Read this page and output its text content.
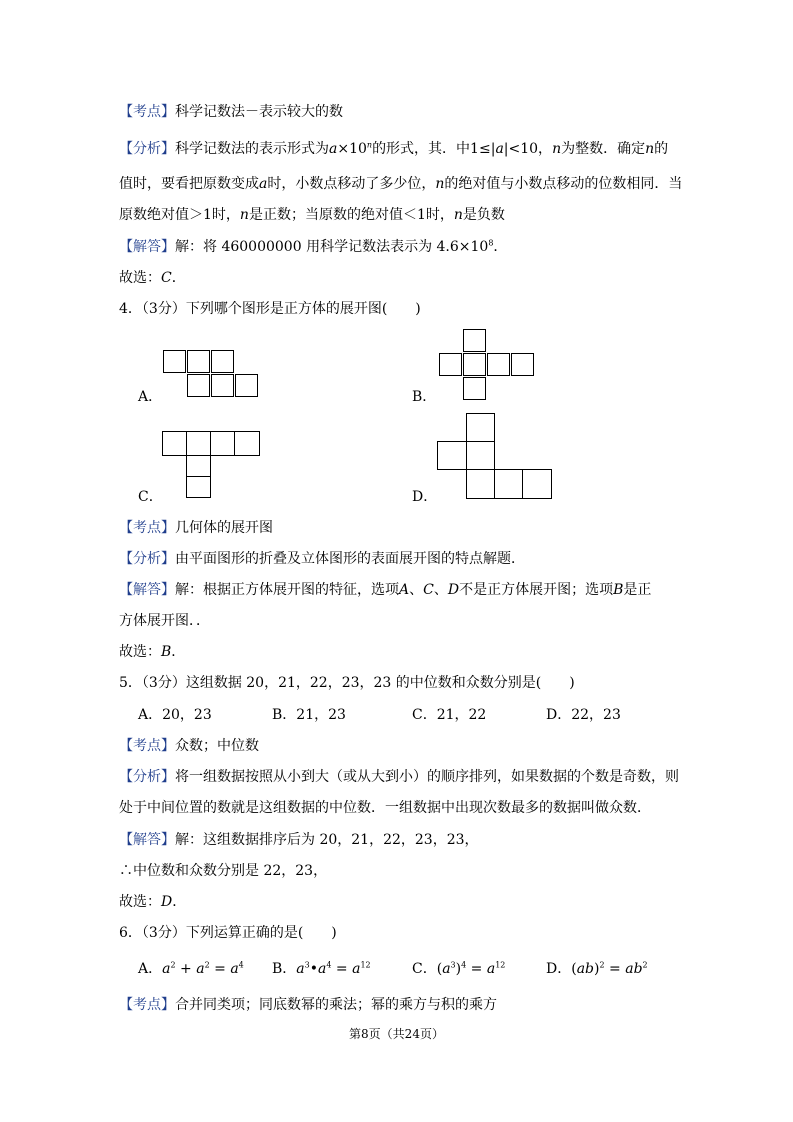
【考点】科学记数法－表示较大的数
【分析】科学记数法的表示形式为$a\times 10^n$的形式，其．中1≤|a|<10，n为整数．确定n的
值时，要看把原数变成a时，小数点移动了多少位，n的绝对值与小数点移动的位数相同．当
原数绝对值＞1时，n是正数；当原数的绝对值＜1时，n是负数
【解答】解：将 460000000 用科学记数法表示为 $4.6\times 10^8$．
故选：C．
4．（3分）下列哪个图形是正方体的展开图(　　)
A．	B．
C．	D．
【考点】几何体的展开图
【分析】由平面图形的折叠及立体图形的表面展开图的特点解题．
【解答】解：根据正方体展开图的特征，选项A、C、D不是正方体展开图；选项B是正
方体展开图．．
故选：B．
5．（3分）这组数据 20，21，22，23，23 的中位数和众数分别是(　　)
A．20，23	B．21，23	C．21，22	D．22，23
【考点】众数；中位数
【分析】将一组数据按照从小到大（或从大到小）的顺序排列，如果数据的个数是奇数，则
处于中间位置的数就是这组数据的中位数．一组数据中出现次数最多的数据叫做众数．
【解答】解：这组数据排序后为 20，21，22，23，23，
∴中位数和众数分别是 22，23，
故选：D．
6．（3分）下列运算正确的是(　　)
A．$a^2 + a^2 = a^4$ B．$a^3•a^4 = a^{12}$	C．$(a^3)^4 = a^{12}$	D．$(ab)^2 = ab^2$
【考点】合并同类项；同底数幂的乘法；幂的乘方与积的乘方
第8页（共24页）
